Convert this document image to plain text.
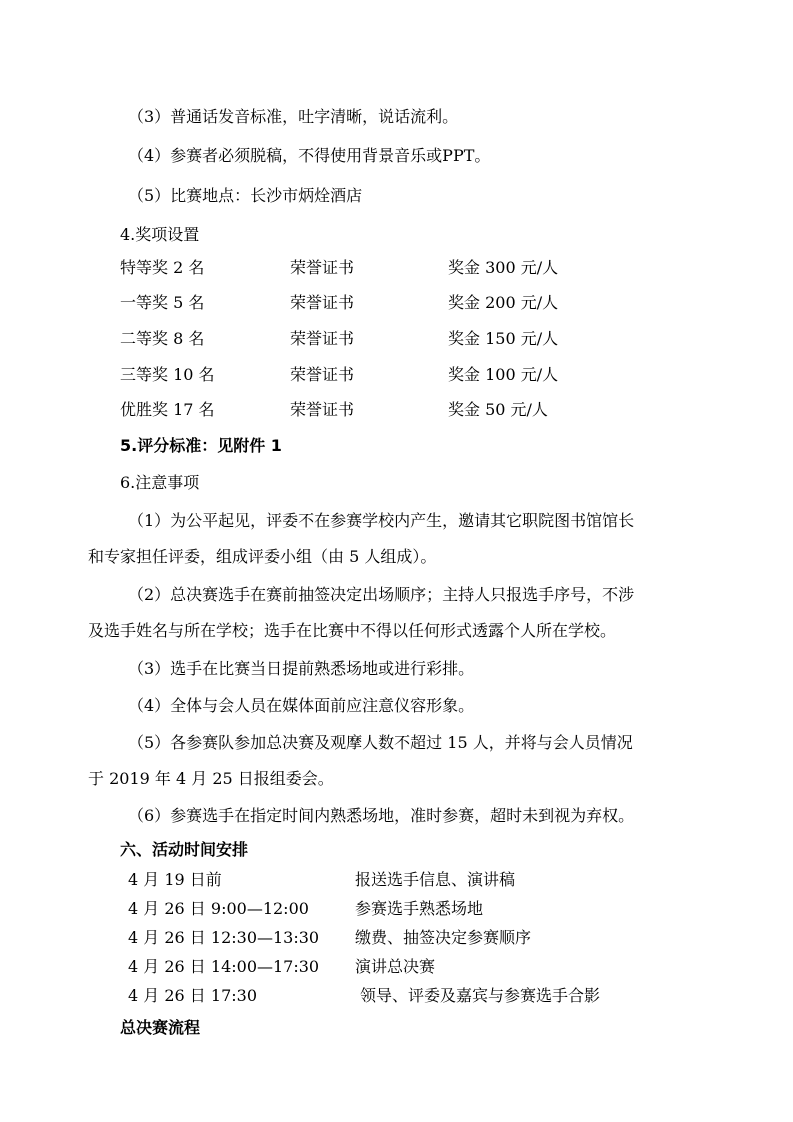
（3）普通话发音标准，吐字清晰，说话流利。
（4）参赛者必须脱稿，不得使用背景音乐或PPT。
（5）比赛地点：长沙市炳烇酒店
4.奖项设置
特等奖 2 名	荣誉证书	奖金 300 元/人
一等奖 5 名	荣誉证书	奖金 200 元/人
二等奖 8 名	荣誉证书	奖金 150 元/人
三等奖 10 名	荣誉证书	奖金 100 元/人
优胜奖 17 名	荣誉证书	奖金 50 元/人
5.评分标准：见附件 1
6.注意事项
（1）为公平起见，评委不在参赛学校内产生，邀请其它职院图书馆馆长
和专家担任评委，组成评委小组（由 5 人组成）。
（2）总决赛选手在赛前抽签决定出场顺序；主持人只报选手序号，不涉
及选手姓名与所在学校；选手在比赛中不得以任何形式透露个人所在学校。
（3）选手在比赛当日提前熟悉场地或进行彩排。
（4）全体与会人员在媒体面前应注意仪容形象。
（5）各参赛队参加总决赛及观摩人数不超过 15 人，并将与会人员情况
于 2019 年 4 月 25 日报组委会。
（6）参赛选手在指定时间内熟悉场地，准时参赛，超时未到视为弃权。
六、活动时间安排
4 月 19 日前	报送选手信息、演讲稿
4 月 26 日 9:00—12:00	参赛选手熟悉场地
4 月 26 日 12:30—13:30 缴费、抽签决定参赛顺序
4 月 26 日 14:00—17:30 演讲总决赛
4 月 26 日 17:30	领导、评委及嘉宾与参赛选手合影
总决赛流程
